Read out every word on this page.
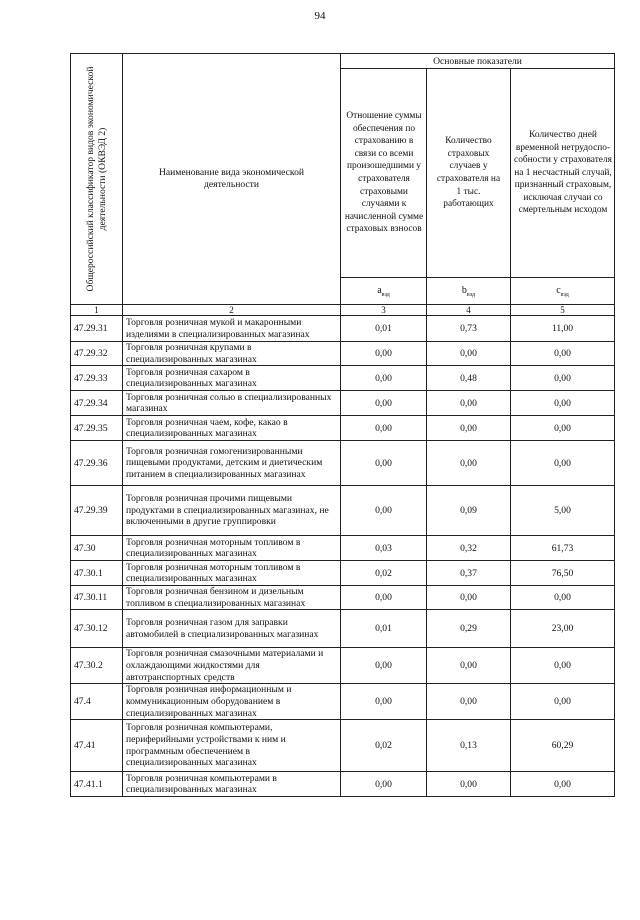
94
Общероссийский классификатор видов экономической деятельности (ОКВЭД 2)	Наименование вида экономической деятельности	Основные показатели		

		Отношение суммы обеспечения по страхованию в связи со всеми произошедшими у страхователя страховыми случаями к начисленной сумме страховых взносов	Количество страховых случаев у страхователя на 1 тыс. работающих	Количество дней временной нетрудоспо-собности у страхователя на 1 несчастный случай, признанный страховым, исключая случаи со смертельным исходом

		$a_{вэд}$	$b_{вэд}$	$c_{вэд}$
1	2	3	4	5
47.29.31	Торговля розничная мукой и макаронными изделиями в специализированных магазинах	0,01	0,73	11,00
47.29.32	Торговля розничная крупами в специализированных магазинах	0,00	0,00	0,00
47.29.33	Торговля розничная сахаром в специализированных магазинах	0,00	0,48	0,00
47.29.34	Торговля розничная солью в специализированных магазинах	0,00	0,00	0,00
47.29.35	Торговля розничная чаем, кофе, какао в специализированных магазинах	0,00	0,00	0,00
47.29.36	Торговля розничная гомогенизированными пищевыми продуктами, детским и диетическим питанием в специализированных магазинах	0,00	0,00	0,00
47.29.39	Торговля розничная прочими пищевыми продуктами в специализированных магазинах, не включенными в другие группировки	0,00	0,09	5,00
47.30	Торговля розничная моторным топливом в специализированных магазинах	0,03	0,32	61,73
47.30.1	Торговля розничная моторным топливом в специализированных магазинах	0,02	0,37	76,50
47.30.11	Торговля розничная бензином и дизельным топливом в специализированных магазинах	0,00	0,00	0,00
47.30.12	Торговля розничная газом для заправки автомобилей в специализированных магазинах	0,01	0,29	23,00
47.30.2	Торговля розничная смазочными материалами и охлаждающими жидкостями для автотранспортных средств	0,00	0,00	0,00
47.4	Торговля розничная информационным и коммуникационным оборудованием в специализированных магазинах	0,00	0,00	0,00
47.41	Торговля розничная компьютерами, периферийными устройствами к ним и программным обеспечением в специализированных магазинах	0,02	0,13	60,29
47.41.1	Торговля розничная компьютерами в специализированных магазинах	0,00	0,00	0,00
